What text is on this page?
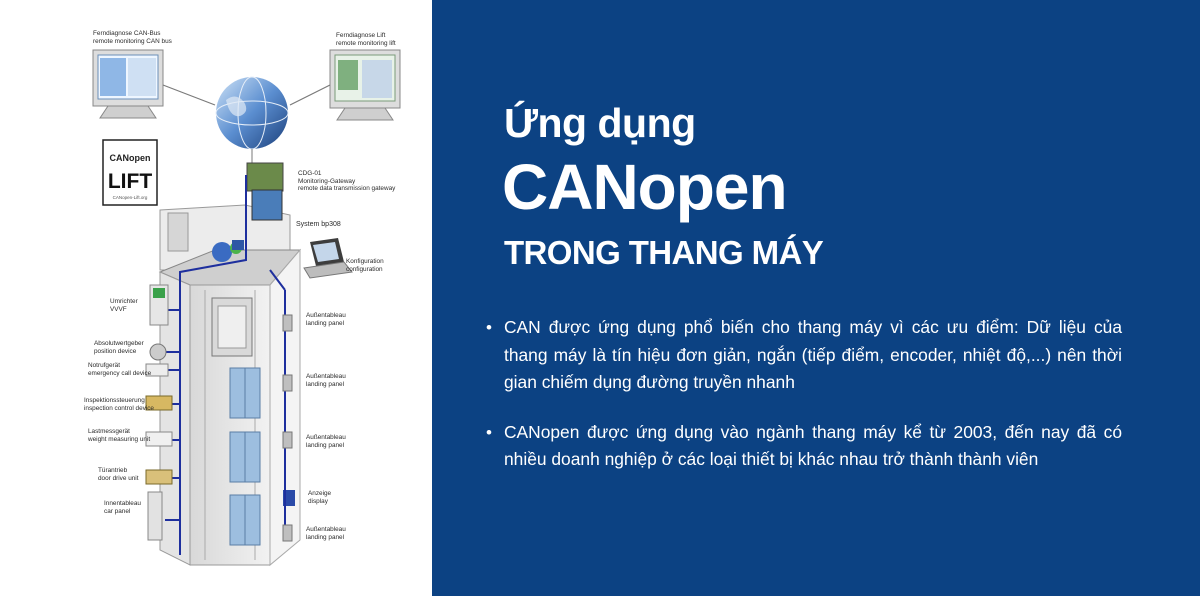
CANopen
LIFT
CANopen-Lift.org
Ferndiagnose CAN-Bus
remote monitoring CAN bus
Ferndiagnose Lift
remote monitoring lift
CDG-01
Monitoring-Gateway
remote data transmission gateway
System bp308
Konfiguration
configuration
Umrichter
VVVF
Absolutwertgeber
position device
Notrufgerät
emergency call device
Inspektionssteuerung
inspection control device
Lastmessgerät
weight measuring unit
Türantrieb
door drive unit
Innentableau
car panel
Außentableau
landing panel
Außentableau
landing panel
Außentableau
landing panel
Anzeige
display
Außentableau
landing panel
Ứng dụng
CANopen
TRONG THANG MÁY
• CAN được ứng dụng phổ biến cho thang máy vì các ưu điểm: Dữ liệu của thang máy là tín hiệu đơn giản, ngắn (tiếp điểm, encoder, nhiệt độ,...) nên thời gian chiếm dụng đường truyền nhanh
• CANopen được ứng dụng vào ngành thang máy kể từ 2003, đến nay đã có nhiều doanh nghiệp ở các loại thiết bị khác nhau trở thành thành viên
